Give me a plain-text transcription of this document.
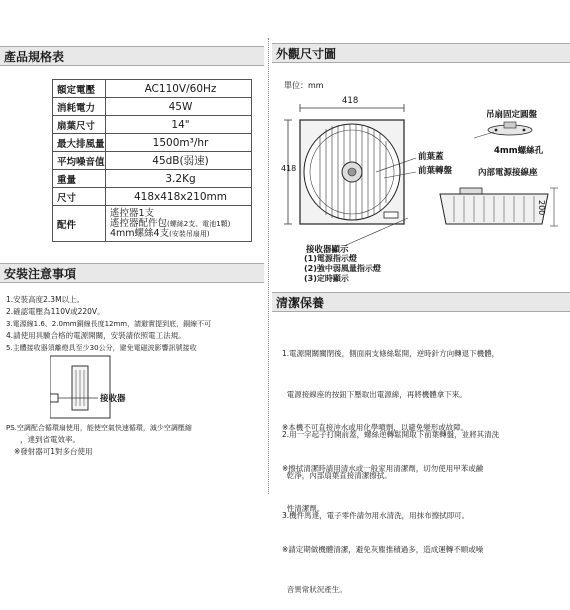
產品規格表
額定電壓	AC110V/60Hz
消耗電力	45W
扇葉尺寸	14"
最大排風量	1500m³/hr
平均噪音值	45dB(弱速)
重量	3.2Kg
尺寸	418x418x210mm
配件	遙控器1支
遙控器配件包(螺絲2支、電池1顆)
4mm螺絲4支(安裝吊扇用)
安裝注意事項
1.安裝高度2.3M以上。
2.確認電壓為110V或220V。
3.電源線1.6、2.0mm銅線長度12mm，請避實提到底，銅線不可
4.請使用具驗合格的電源開關，安裝請依照電工法規。
5.主體接收器須離燈具至少30公分，避免電磁波影響訊號接收
接收器
PS.空調配合循環扇使用，能使空氣快速循環，減少空調壓縮
，達到省電效率。
※發射器可1對多台使用
外觀尺寸圖
單位：mm
418
418
前葉蓋
前葉轉盤
吊扇固定圓盤
4mm螺絲孔
內部電源接線座
200
接收器顯示
(1)電源指示燈
(2)強中弱風量指示燈
(3)定時顯示
清潔保養

1.電源開關關閉後，側面兩支條絲鬆開，逆時針方向轉退下機體，

電源接線座的按鈕下壓取出電源線，再將機體拿下來。

2.用一字起子打開前蓋，螺絲逆轉鬆開取下前葉轉盤，並將其清洗

乾淨，內部扇葉直接清潔擦拭。

3.機件馬達，電子零件請勿用水清洗，用抹布擦拭即可。

※本機不可直接沖水或用化學噴劑，以避免變形或故障。

※擦拭清潔時請用清水或一般家用清潔劑，切勿使用甲苯或鹼

性清潔劑。

※請定期做機體清潔，避免灰塵推積過多，造成運轉不順或噪

音異常狀況產生。
